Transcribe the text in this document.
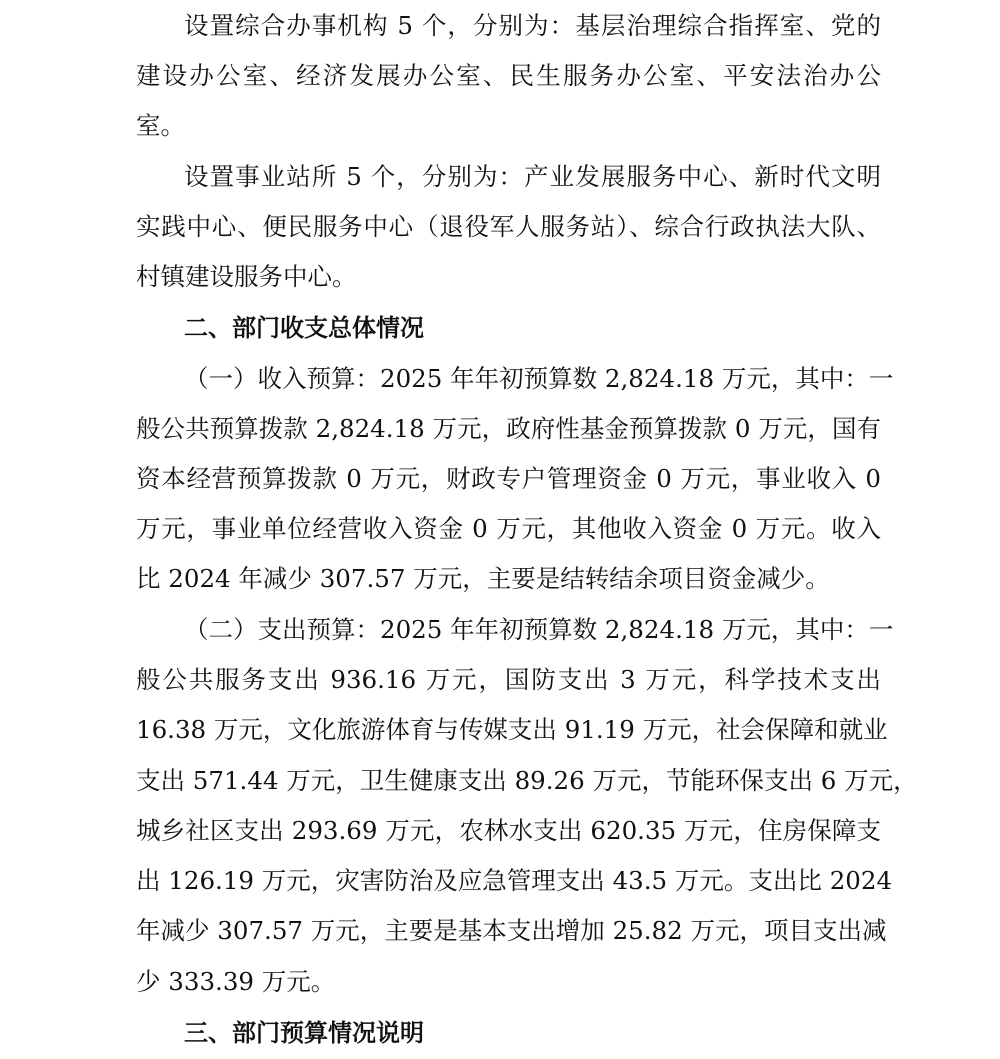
设置综合办事机构 5 个，分别为：基层治理综合指挥室、党的
建设办公室、经济发展办公室、民生服务办公室、平安法治办公
室。
设置事业站所 5 个，分别为：产业发展服务中心、新时代文明
实践中心、便民服务中心（退役军人服务站）、综合行政执法大队、
村镇建设服务中心。
二、部门收支总体情况
（一）收入预算：2025 年年初预算数 2,824.18 万元，其中：一
般公共预算拨款 2,824.18 万元，政府性基金预算拨款 0 万元，国有
资本经营预算拨款 0 万元，财政专户管理资金 0 万元，事业收入 0
万元，事业单位经营收入资金 0 万元，其他收入资金 0 万元。收入
比 2024 年减少 307.57 万元，主要是结转结余项目资金减少。
（二）支出预算：2025 年年初预算数 2,824.18 万元，其中：一
般公共服务支出 936.16 万元，国防支出 3 万元，科学技术支出
16.38 万元，文化旅游体育与传媒支出 91.19 万元，社会保障和就业
支出 571.44 万元，卫生健康支出 89.26 万元，节能环保支出 6 万元，
城乡社区支出 293.69 万元，农林水支出 620.35 万元，住房保障支
出 126.19 万元，灾害防治及应急管理支出 43.5 万元。支出比 2024
年减少 307.57 万元，主要是基本支出增加 25.82 万元，项目支出减
少 333.39 万元。
三、部门预算情况说明
